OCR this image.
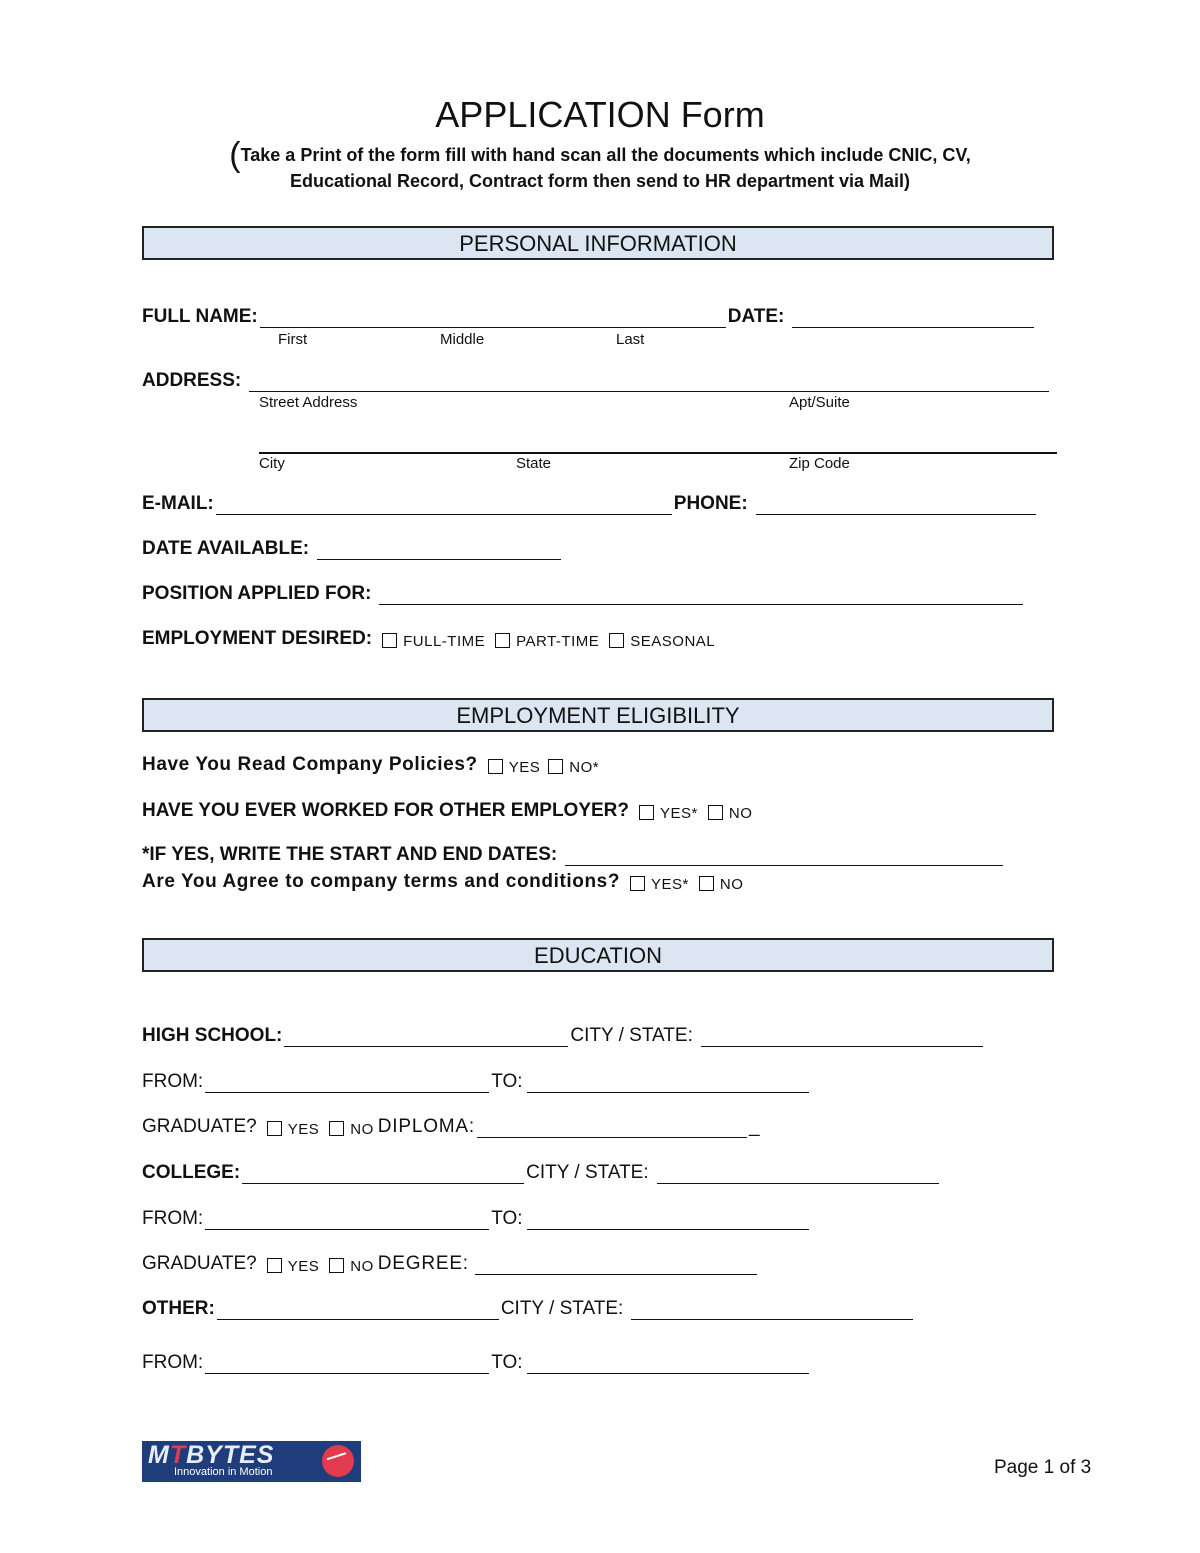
APPLICATION Form
(Take a Print of the form fill with hand scan all the documents which include CNIC, CV,
Educational Record, Contract form then send to HR department via Mail)
PERSONAL INFORMATION
FULL NAME:	DATE:
First	Middle	Last
ADDRESS:
Street Address	Apt/Suite
City	State	Zip Code
E-MAIL:	PHONE:
DATE AVAILABLE:
POSITION APPLIED FOR:
EMPLOYMENT DESIRED: FULL-TIME PART-TIME SEASONAL
EMPLOYMENT ELIGIBILITY
Have You Read Company Policies? YES NO*
HAVE YOU EVER WORKED FOR OTHER EMPLOYER? YES* NO
*IF YES, WRITE THE START AND END DATES:
Are You Agree to company terms and conditions? YES* NO
EDUCATION
HIGH SCHOOL:	CITY / STATE:
FROM:	TO:
GRADUATE? YES NO DIPLOMA:	_
COLLEGE:	CITY / STATE:
FROM:	TO:
GRADUATE? YES NO DEGREE:
OTHER:	CITY / STATE:
FROM:	TO:
MTBYTES
Innovation in Motion	Page 1 of 3
